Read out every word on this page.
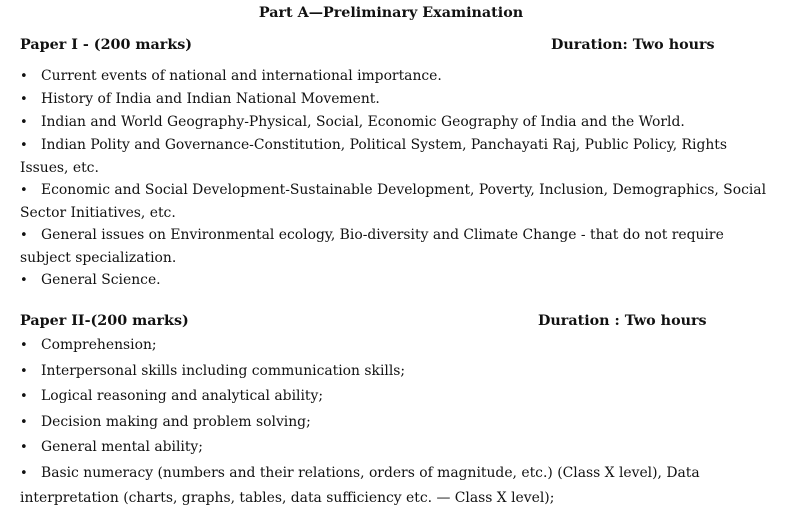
Part A—Preliminary Examination
Paper I - (200 marks)	Duration: Two hours
• Current events of national and international importance.
• History of India and Indian National Movement.
• Indian and World Geography-Physical, Social, Economic Geography of India and the World.
• Indian Polity and Governance-Constitution, Political System, Panchayati Raj, Public Policy, Rights Issues, etc.
• Economic and Social Development-Sustainable Development, Poverty, Inclusion, Demographics, Social Sector Initiatives, etc.
• General issues on Environmental ecology, Bio-diversity and Climate Change - that do not require subject specialization.
• General Science.
Paper II-(200 marks)	Duration : Two hours
• Comprehension;
• Interpersonal skills including communication skills;
• Logical reasoning and analytical ability;
• Decision making and problem solving;
• General mental ability;
• Basic numeracy (numbers and their relations, orders of magnitude, etc.) (Class X level), Data interpretation (charts, graphs, tables, data sufficiency etc. — Class X level);
